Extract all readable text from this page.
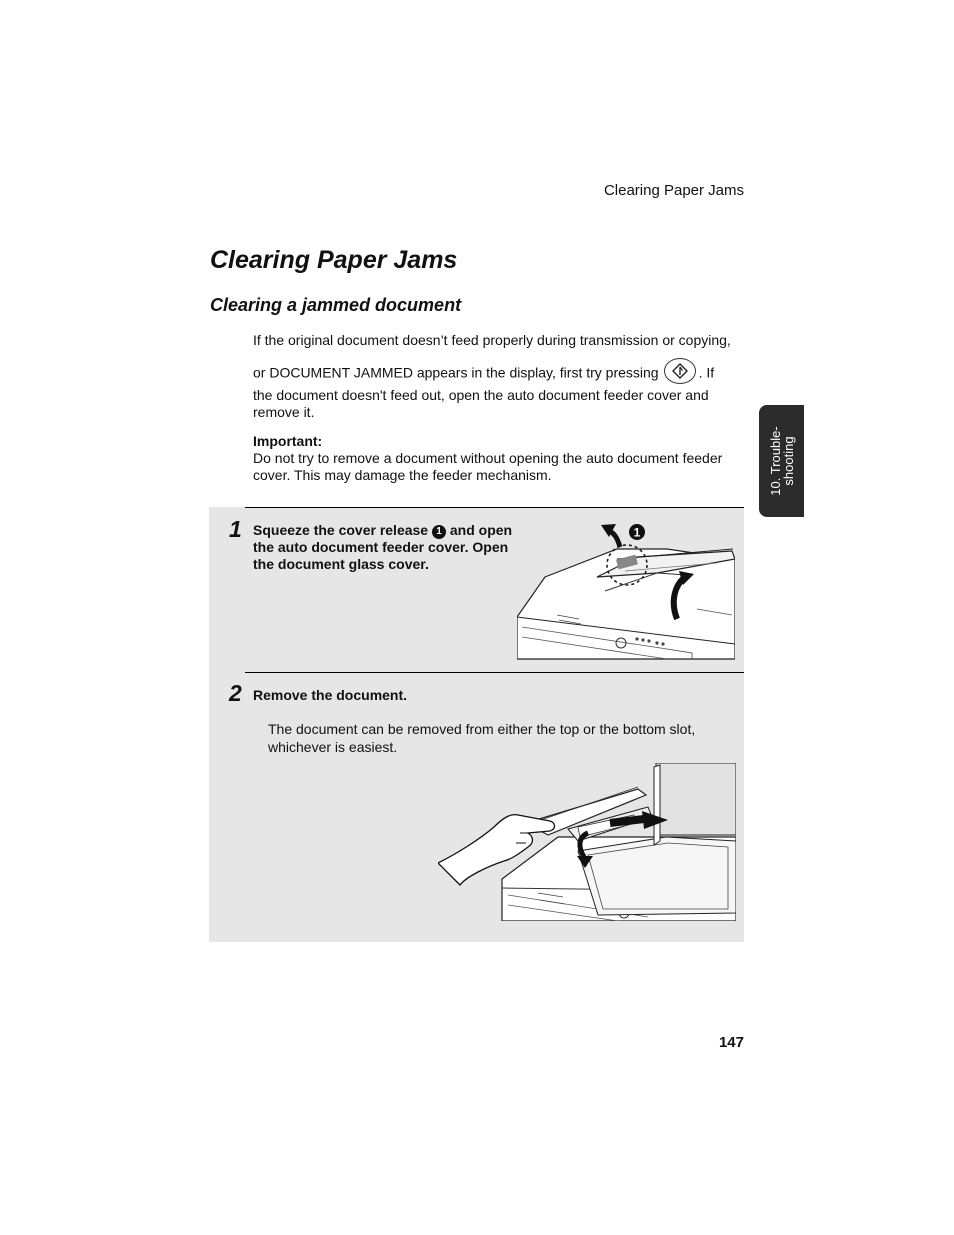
Clearing Paper Jams
Clearing Paper Jams
Clearing a jammed document

If the original document doesn’t feed properly during transmission or copying,

or DOCUMENT JAMMED appears in the display, first try pressing	. If

the document doesn't feed out, open the auto document feeder cover and remove it.

Important:

Do not try to remove a document without opening the auto document feeder cover. This may damage the feeder mechanism.	10. Trouble-
shooting
1 Squeeze the cover release 1 and open the auto document feeder cover. Open the document glass cover.
1
2 Remove the document.
The document can be removed from either the top or the bottom slot, whichever is easiest.
147
